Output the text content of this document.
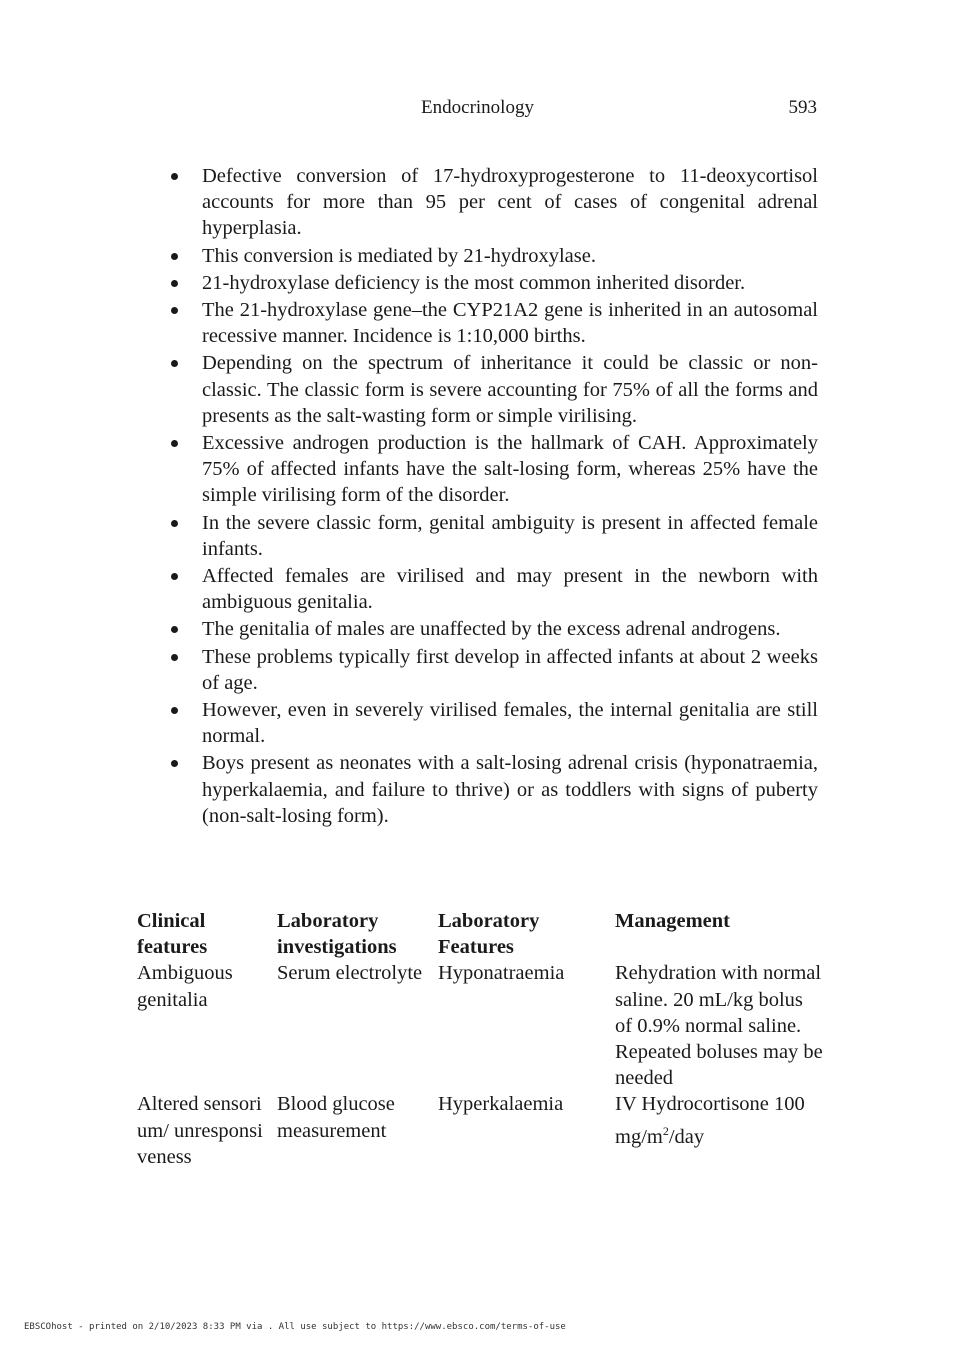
Endocrinology	593
Defective conversion of 17-hydroxyprogesterone to 11-deoxycortisol accounts for more than 95 per cent of cases of congenital adrenal hyperplasia.
This conversion is mediated by 21-hydroxylase.
21-hydroxylase deficiency is the most common inherited disorder.
The 21-hydroxylase gene–the CYP21A2 gene is inherited in an autosomal recessive manner. Incidence is 1:10,000 births.
Depending on the spectrum of inheritance it could be classic or non-classic. The classic form is severe accounting for 75% of all the forms and presents as the salt-wasting form or simple virilising.
Excessive androgen production is the hallmark of CAH. Approximately 75% of affected infants have the salt-losing form, whereas 25% have the simple virilising form of the disorder.
In the severe classic form, genital ambiguity is present in affected female infants.
Affected females are virilised and may present in the newborn with ambiguous genitalia.
The genitalia of males are unaffected by the excess adrenal androgens.
These problems typically first develop in affected infants at about 2 weeks of age.
However, even in severely virilised females, the internal genitalia are still normal.
Boys present as neonates with a salt-losing adrenal crisis (hyponatraemia, hyperkalaemia, and failure to thrive) or as toddlers with signs of puberty (non-salt-losing form).
Clinical features	Laboratory investigations	Laboratory Features	Management
Ambiguous genitalia	Serum electrolyte	Hyponatraemia	Rehydration with normal saline. 20 mL/kg bolus of 0.9% normal saline. Repeated boluses may be needed
Altered sensorium/ unresponsiveness	Blood glucose measurement	Hyperkalaemia	IV Hydrocortisone 100 $mg/m^2$/day
EBSCOhost - printed on 2/10/2023 8:33 PM via . All use subject to https://www.ebsco.com/terms-of-use
